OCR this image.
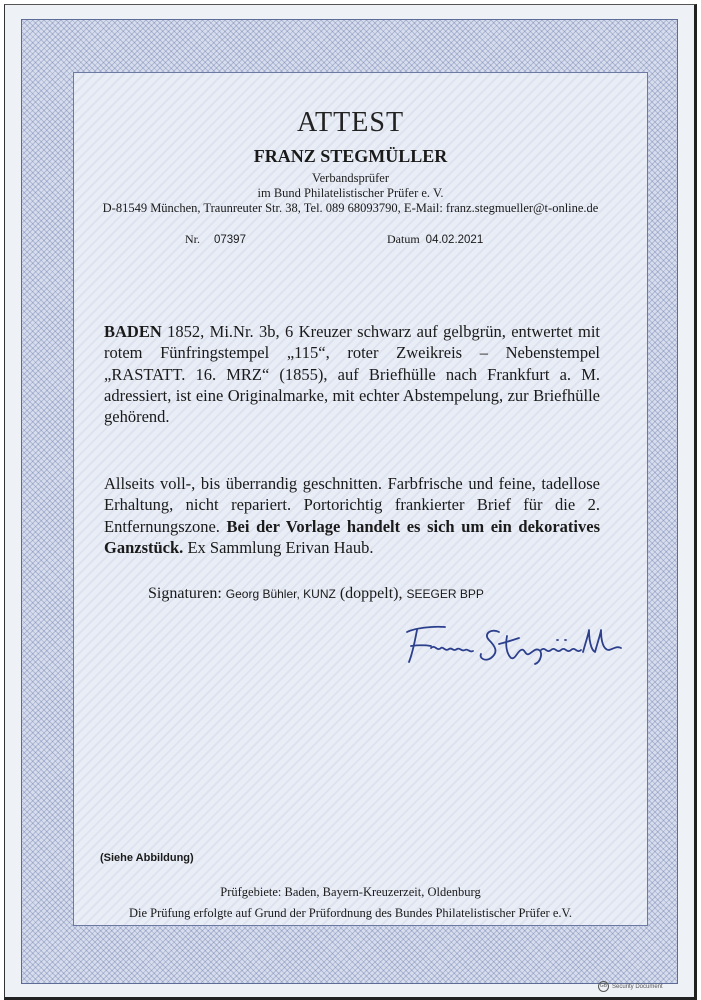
ATTEST
FRANZ STEGMÜLLER
Verbandsprüfer
im Bund Philatelistischer Prüfer e. V.
D-81549 München, Traunreuter Str. 38, Tel. 089 68093790, E-Mail: franz.stegmueller@t-online.de
Nr. 07397	Datum 04.02.2021
BADEN 1852, Mi.Nr. 3b, 6 Kreuzer schwarz auf gelbgrün, entwertet mit rotem Fünfringstempel „115“, roter Zweikreis – Nebenstempel „RASTATT. 16. MRZ“ (1855), auf Briefhülle nach Frankfurt a. M. adressiert, ist eine Originalmarke, mit echter Abstempelung, zur Briefhülle gehörend.
Allseits voll-, bis überrandig geschnitten. Farbfrische und feine, tadellose Erhaltung, nicht repariert. Portorichtig frankierter Brief für die 2. Entfernungszone. Bei der Vorlage handelt es sich um ein dekoratives Ganzstück. Ex Sammlung Erivan Haub.
Signaturen: Georg Bühler, KUNZ (doppelt), SEEGER BPP
(Siehe Abbildung)
Prüfgebiete: Baden, Bayern-Kreuzerzeit, Oldenburg
Die Prüfung erfolgte auf Grund der Prüfordnung des Bundes Philatelistischer Prüfer e.V.
GB Security Document
